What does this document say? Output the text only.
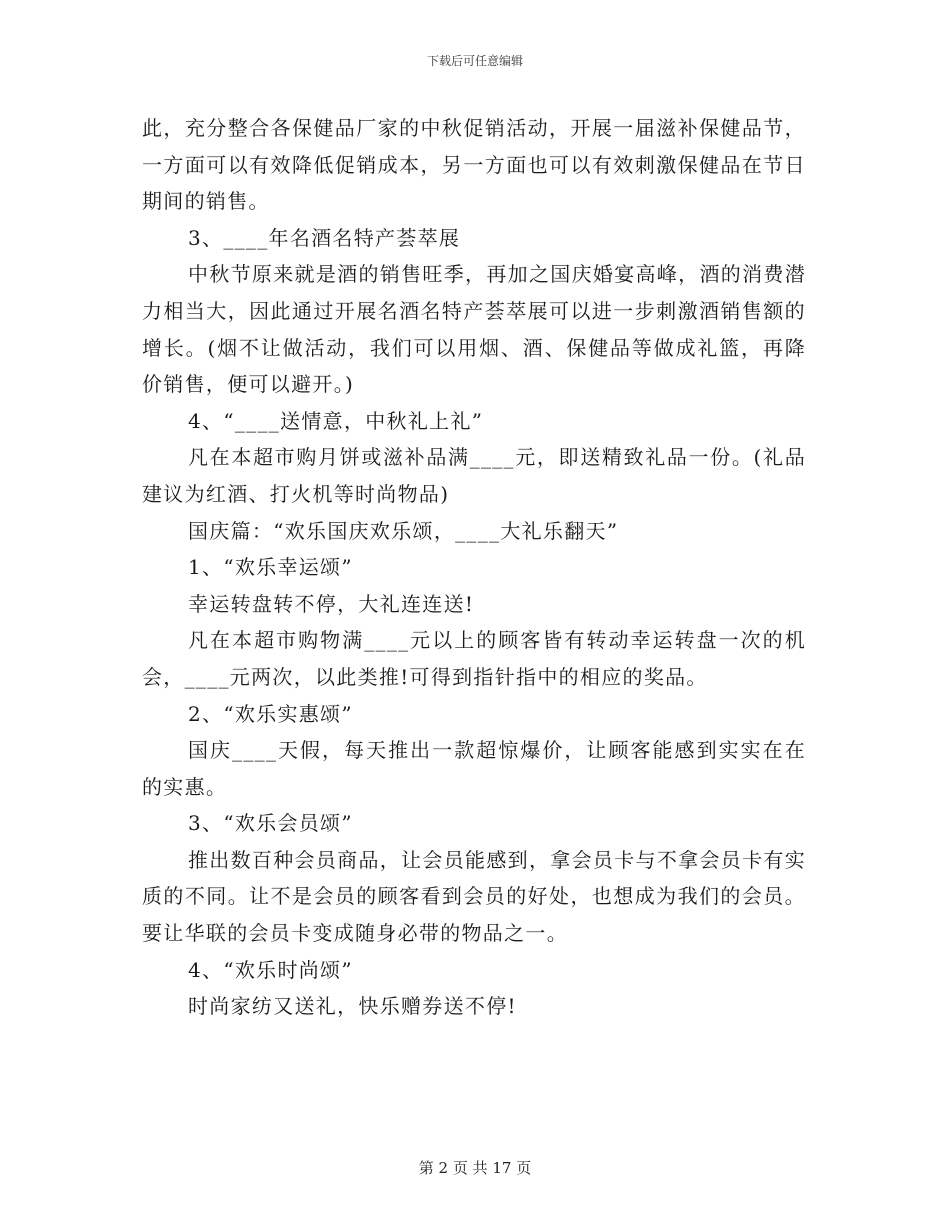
下载后可任意编辑

此，充分整合各保健品厂家的中秋促销活动，开展一届滋补保健品节，一方面可以有效降低促销成本，另一方面也可以有效刺激保健品在节日期间的销售。

3、____年名酒名特产荟萃展

中秋节原来就是酒的销售旺季，再加之国庆婚宴高峰，酒的消费潜力相当大，因此通过开展名酒名特产荟萃展可以进一步刺激酒销售额的增长。(烟不让做活动，我们可以用烟、酒、保健品等做成礼篮，再降价销售，便可以避开。)

4、“____送情意，中秋礼上礼”

凡在本超市购月饼或滋补品满____元，即送精致礼品一份。(礼品建议为红酒、打火机等时尚物品)

国庆篇：“欢乐国庆欢乐颂，____大礼乐翻天”

1、“欢乐幸运颂”

幸运转盘转不停，大礼连连送!

凡在本超市购物满____元以上的顾客皆有转动幸运转盘一次的机会，____元两次，以此类推!可得到指针指中的相应的奖品。

2、“欢乐实惠颂”

国庆____天假，每天推出一款超惊爆价，让顾客能感到实实在在的实惠。

3、“欢乐会员颂”

推出数百种会员商品，让会员能感到，拿会员卡与不拿会员卡有实质的不同。让不是会员的顾客看到会员的好处，也想成为我们的会员。要让华联的会员卡变成随身必带的物品之一。

4、“欢乐时尚颂”

时尚家纺又送礼，快乐赠券送不停!

第 2 页 共 17 页
